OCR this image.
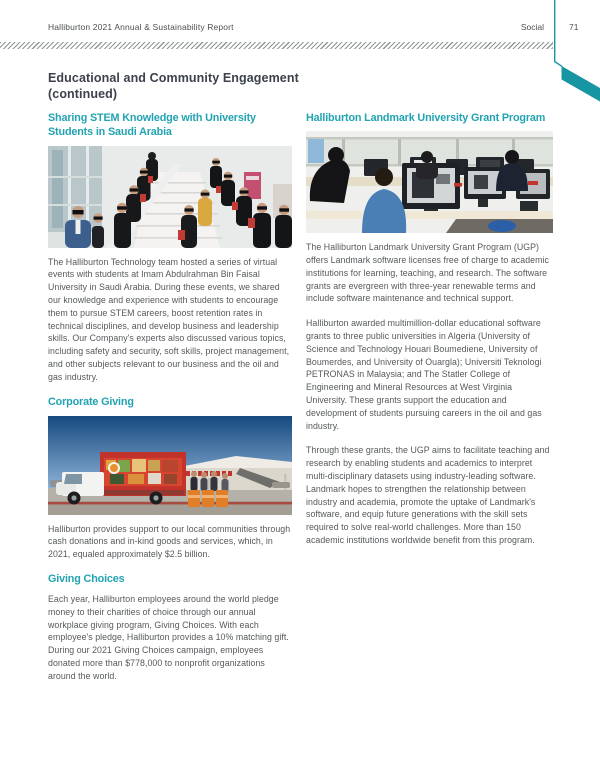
Halliburton 2021 Annual & Sustainability Report	Social	71
Educational and Community Engagement
(continued)
Sharing STEM Knowledge with University Students in Saudi Arabia

The Halliburton Technology team hosted a series of virtual events with students at Imam Abdulrahman Bin Faisal University in Saudi Arabia. During these events, we shared our knowledge and experience with students to encourage them to pursue STEM careers, boost retention rates in technical disciplines, and develop business and leadership skills. Our Company's experts also discussed various topics, including safety and security, soft skills, project management, and other subjects relevant to our business and the oil and gas industry.

Corporate Giving

Halliburton provides support to our local communities through cash donations and in-kind goods and services, which, in 2021, equaled approximately $2.5 billion.

Giving Choices

Each year, Halliburton employees around the world pledge money to their charities of choice through our annual workplace giving program, Giving Choices. With each employee's pledge, Halliburton provides a 10% matching gift. During our 2021 Giving Choices campaign, employees donated more than $778,000 to nonprofit organizations around the world.

Halliburton Landmark University Grant Program

The Halliburton Landmark University Grant Program (UGP) offers Landmark software licenses free of charge to academic institutions for learning, teaching, and research. The software grants are evergreen with three-year renewable terms and include software maintenance and technical support.

Halliburton awarded multimillion-dollar educational software grants to three public universities in Algeria (University of Science and Technology Houari Boumediene, University of Boumerdes, and University of Ouargla); Universiti Teknologi PETRONAS in Malaysia; and The Statler College of Engineering and Mineral Resources at West Virginia University. These grants support the education and development of students pursuing careers in the oil and gas industry.

Through these grants, the UGP aims to facilitate teaching and research by enabling students and academics to interpret multi-disciplinary datasets using industry-leading software. Landmark hopes to strengthen the relationship between industry and academia, promote the uptake of Landmark's software, and equip future generations with the skill sets required to solve real-world challenges. More than 150 academic institutions worldwide benefit from this program.
